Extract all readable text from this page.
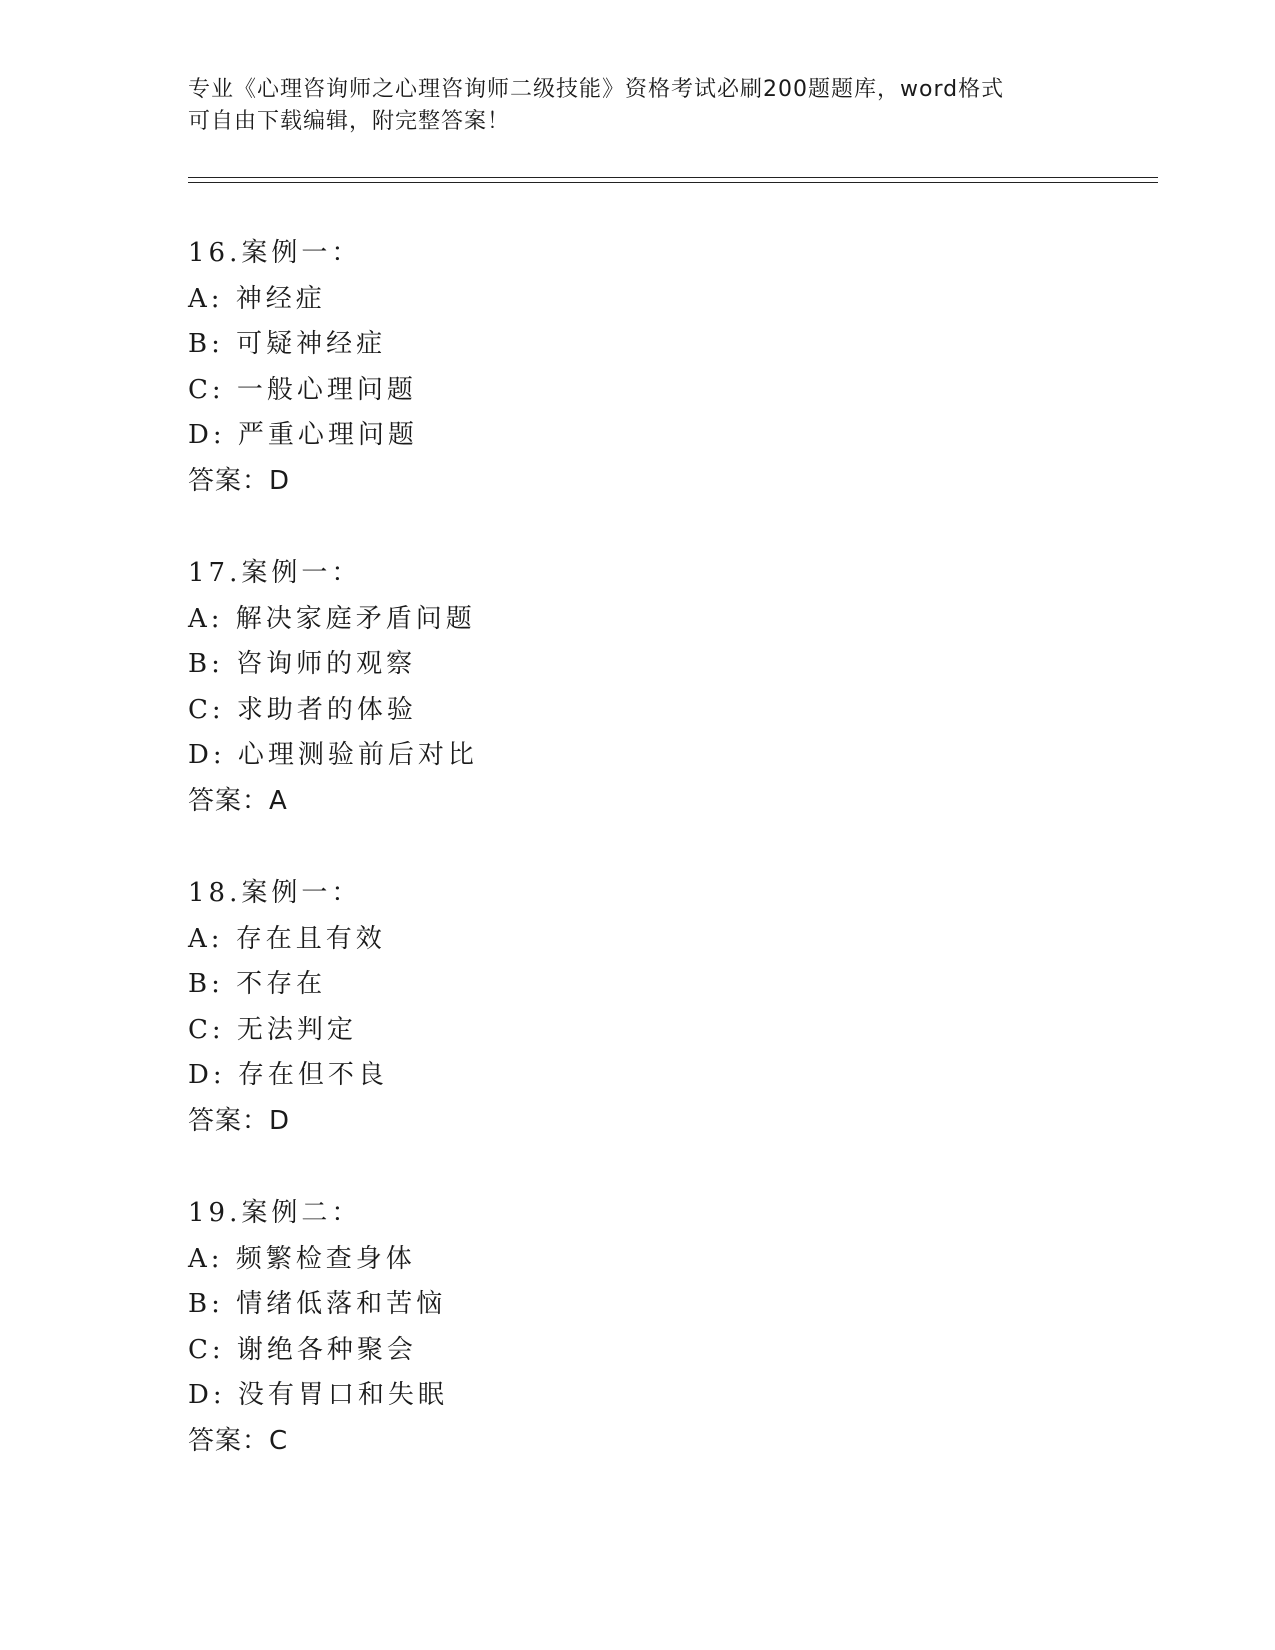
专业《心理咨询师之心理咨询师二级技能》资格考试必刷200题题库，word格式
可自由下载编辑，附完整答案！
16.案例一：
A: 神经症
B: 可疑神经症
C: 一般心理问题
D: 严重心理问题
答案：D
17.案例一：
A: 解决家庭矛盾问题
B: 咨询师的观察
C: 求助者的体验
D: 心理测验前后对比
答案：A
18.案例一：
A: 存在且有效
B: 不存在
C: 无法判定
D: 存在但不良
答案：D
19.案例二：
A: 频繁检查身体
B: 情绪低落和苦恼
C: 谢绝各种聚会
D: 没有胃口和失眠
答案：C
